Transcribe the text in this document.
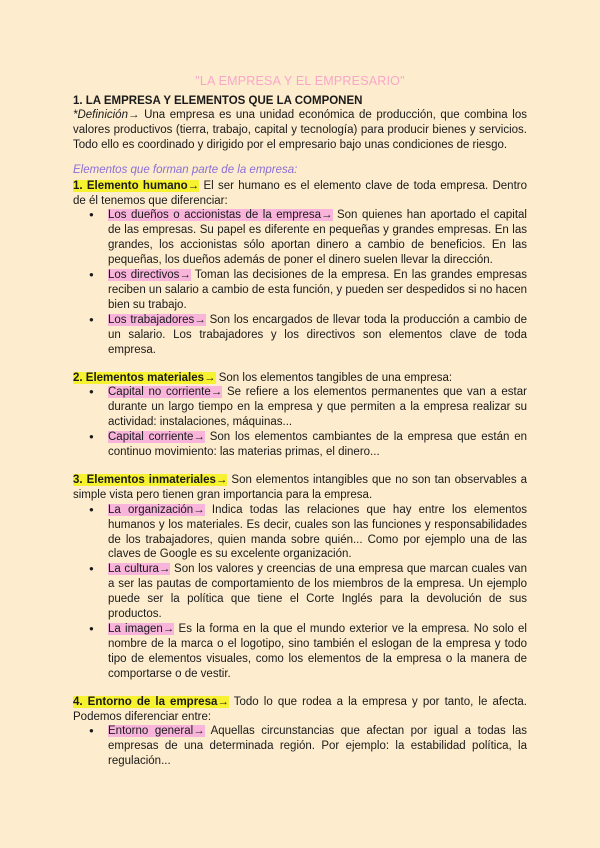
"LA EMPRESA Y EL EMPRESARIO"
1. LA EMPRESA Y ELEMENTOS QUE LA COMPONEN

*Definición→ Una empresa es una unidad económica de producción, que combina los valores productivos (tierra, trabajo, capital y tecnología) para producir bienes y servicios. Todo ello es coordinado y dirigido por el empresario bajo unas condiciones de riesgo.

Elementos que forman parte de la empresa:

1. Elemento humano→ El ser humano es el elemento clave de toda empresa. Dentro de él tenemos que diferenciar:

● Los dueños o accionistas de la empresa→ Son quienes han aportado el capital de las empresas. Su papel es diferente en pequeñas y grandes empresas. En las grandes, los accionistas sólo aportan dinero a cambio de beneficios. En las pequeñas, los dueños además de poner el dinero suelen llevar la dirección.
● Los directivos→ Toman las decisiones de la empresa. En las grandes empresas reciben un salario a cambio de esta función, y pueden ser despedidos si no hacen bien su trabajo.
● Los trabajadores→ Son los encargados de llevar toda la producción a cambio de un salario. Los trabajadores y los directivos son elementos clave de toda empresa.

2. Elementos materiales→ Son los elementos tangibles de una empresa:

● Capital no corriente→ Se refiere a los elementos permanentes que van a estar durante un largo tiempo en la empresa y que permiten a la empresa realizar su actividad: instalaciones, máquinas...
● Capital corriente→ Son los elementos cambiantes de la empresa que están en continuo movimiento: las materias primas, el dinero...

3. Elementos inmateriales→ Son elementos intangibles que no son tan observables a simple vista pero tienen gran importancia para la empresa.

● La organización→ Indica todas las relaciones que hay entre los elementos humanos y los materiales. Es decir, cuales son las funciones y responsabilidades de los trabajadores, quien manda sobre quién... Como por ejemplo una de las claves de Google es su excelente organización.
● La cultura→ Son los valores y creencias de una empresa que marcan cuales van a ser las pautas de comportamiento de los miembros de la empresa. Un ejemplo puede ser la política que tiene el Corte Inglés para la devolución de sus productos.
● La imagen→ Es la forma en la que el mundo exterior ve la empresa. No solo el nombre de la marca o el logotipo, sino también el eslogan de la empresa y todo tipo de elementos visuales, como los elementos de la empresa o la manera de comportarse o de vestir.

4. Entorno de la empresa→ Todo lo que rodea a la empresa y por tanto, le afecta. Podemos diferenciar entre:

● Entorno general→ Aquellas circunstancias que afectan por igual a todas las empresas de una determinada región. Por ejemplo: la estabilidad política, la regulación...
